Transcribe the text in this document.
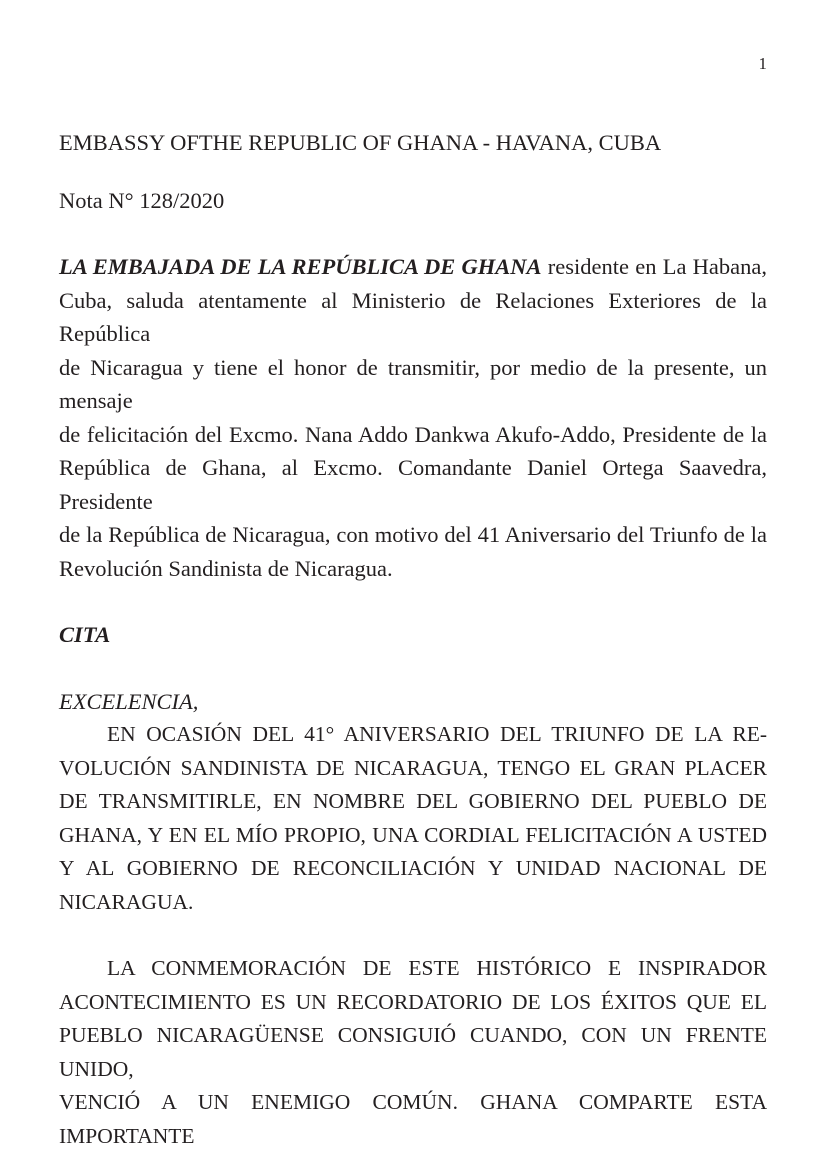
1
EMBASSY OFTHE REPUBLIC OF GHANA - HAVANA, CUBA
Nota N° 128/2020
LA EMBAJADA DE LA REPÚBLICA DE GHANA residente en La Habana,
Cuba, saluda atentamente al Ministerio de Relaciones Exteriores de la República
de Nicaragua y tiene el honor de transmitir, por medio de la presente, un mensaje
de felicitación del Excmo. Nana Addo Dankwa Akufo-Addo, Presidente de la
República de Ghana, al Excmo. Comandante Daniel Ortega Saavedra, Presidente
de la República de Nicaragua, con motivo del 41 Aniversario del Triunfo de la
Revolución Sandinista de Nicaragua.
CITA
EXCELENCIA,
EN OCASIÓN DEL 41° ANIVERSARIO DEL TRIUNFO DE LA RE-
VOLUCIÓN SANDINISTA DE NICARAGUA, TENGO EL GRAN PLACER
DE TRANSMITIRLE, EN NOMBRE DEL GOBIERNO DEL PUEBLO DE
GHANA, Y EN EL MÍO PROPIO, UNA CORDIAL FELICITACIÓN A USTED
Y AL GOBIERNO DE RECONCILIACIÓN Y UNIDAD NACIONAL DE
NICARAGUA.
LA CONMEMORACIÓN DE ESTE HISTÓRICO E INSPIRADOR
ACONTECIMIENTO ES UN RECORDATORIO DE LOS ÉXITOS QUE EL
PUEBLO NICARAGÜENSE CONSIGUIÓ CUANDO, CON UN FRENTE UNIDO,
VENCIÓ A UN ENEMIGO COMÚN. GHANA COMPARTE ESTA IMPORTANTE
